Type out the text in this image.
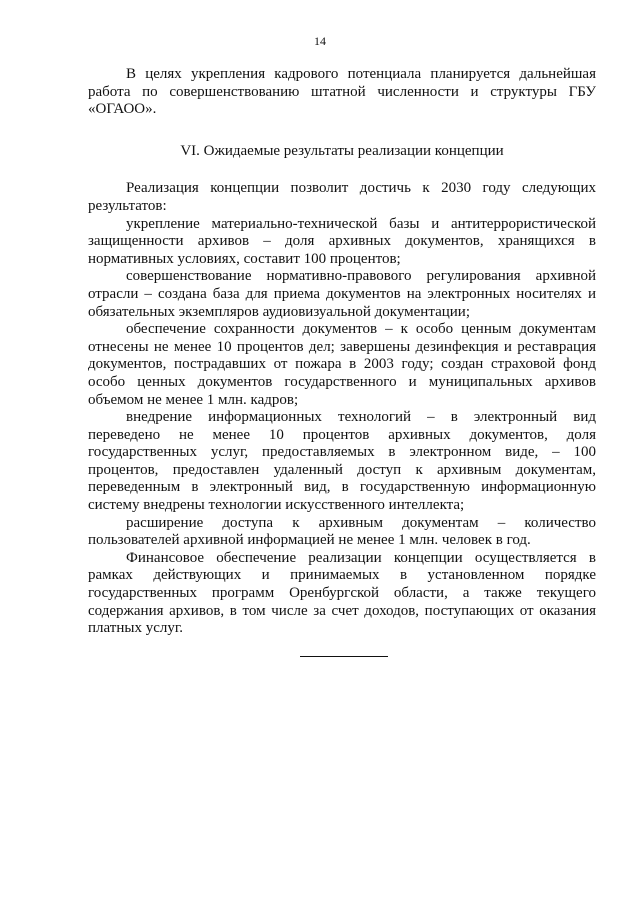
14

В целях укрепления кадрового потенциала планируется дальнейшая работа по совершенствованию штатной численности и структуры ГБУ «ОГАОО».

VI. Ожидаемые результаты реализации концепции

Реализация концепции позволит достичь к 2030 году следующих результатов:

укрепление материально-технической базы и антитеррористической защищенности архивов – доля архивных документов, хранящихся в нормативных условиях, составит 100 процентов;

совершенствование нормативно-правового регулирования архивной отрасли – создана база для приема документов на электронных носителях и обязательных экземпляров аудиовизуальной документации;

обеспечение сохранности документов – к особо ценным документам отнесены не менее 10 процентов дел; завершены дезинфекция и реставрация документов, пострадавших от пожара в 2003 году; создан страховой фонд особо ценных документов государственного и муниципальных архивов объемом не менее 1 млн. кадров;

внедрение информационных технологий – в электронный вид переведено не менее 10 процентов архивных документов, доля государственных услуг, предоставляемых в электронном виде, – 100 процентов, предоставлен удаленный доступ к архивным документам, переведенным в электронный вид, в государственную информационную систему внедрены технологии искусственного интеллекта;

расширение доступа к архивным документам – количество пользователей архивной информацией не менее 1 млн. человек в год.

Финансовое обеспечение реализации концепции осуществляется в рамках действующих и принимаемых в установленном порядке государственных программ Оренбургской области, а также текущего содержания архивов, в том числе за счет доходов, поступающих от оказания платных услуг.
